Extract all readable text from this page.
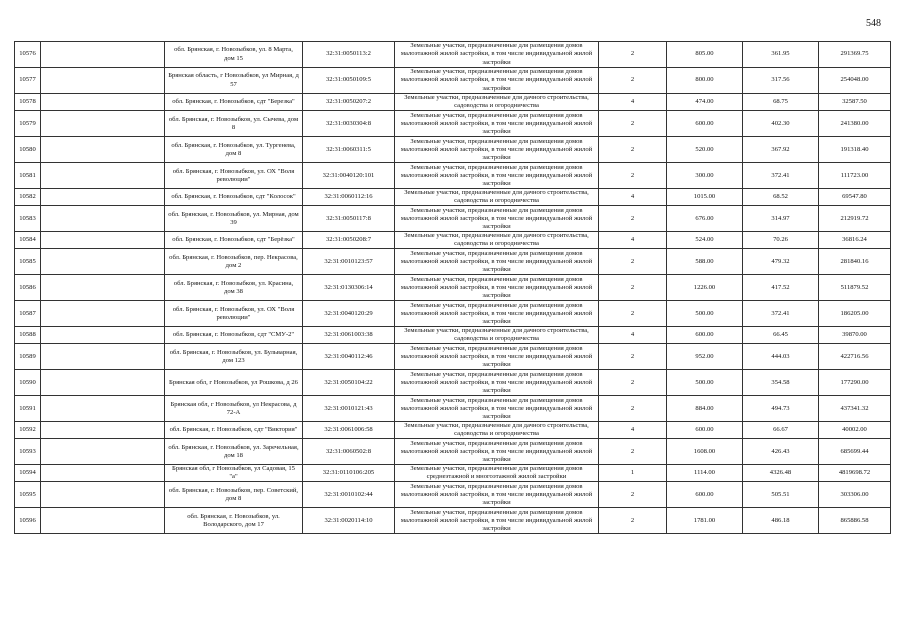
548
10576		обл. Брянская, г. Новозыбков, ул. 8 Марта, дом 15	32:31:0050113:2	Земельные участки, предназначенные для размещения домов малоэтажной жилой застройки, в том числе индивидуальной жилой застройки	2	805.00	361.95	291369.75
10577		Брянская область, г Новозыбков, ул Мирная, д 57	32:31:0050109:5	Земельные участки, предназначенные для размещения домов малоэтажной жилой застройки, в том числе индивидуальной жилой застройки	2	800.00	317.56	254048.00
10578		обл. Брянская, г. Новозыбков, сдт "Березка"	32:31:0050207:2	Земельные участки, предназначенные для дачного строительства, садоводства и огородничества	4	474.00	68.75	32587.50
10579		обл. Брянская, г. Новозыбков, ул. Сычева, дом 8	32:31:0030304:8	Земельные участки, предназначенные для размещения домов малоэтажной жилой застройки, в том числе индивидуальной жилой застройки	2	600.00	402.30	241380.00
10580		обл. Брянская, г. Новозыбков, ул. Тургенева, дом 8	32:31:0060311:5	Земельные участки, предназначенные для размещения домов малоэтажной жилой застройки, в том числе индивидуальной жилой застройки	2	520.00	367.92	191318.40
10581		обл. Брянская, г. Новозыбков, ул. ОХ "Воля революции"	32:31:0040120:101	Земельные участки, предназначенные для размещения домов малоэтажной жилой застройки, в том числе индивидуальной жилой застройки	2	300.00	372.41	111723.00
10582		обл. Брянская, г. Новозыбков, сдт "Колосок"	32:31:0060112:16	Земельные участки, предназначенные для дачного строительства, садоводства и огородничества	4	1015.00	68.52	69547.80
10583		обл. Брянская, г. Новозыбков, ул. Мирная, дом 39	32:31:0050117:8	Земельные участки, предназначенные для размещения домов малоэтажной жилой застройки, в том числе индивидуальной жилой застройки	2	676.00	314.97	212919.72
10584		обл. Брянская, г. Новозыбков, сдт "Берёзка"	32:31:0050208:7	Земельные участки, предназначенные для дачного строительства, садоводства и огородничества	4	524.00	70.26	36816.24
10585		обл. Брянская, г. Новозыбков, пер. Некрасова, дом 2	32:31:0010123:57	Земельные участки, предназначенные для размещения домов малоэтажной жилой застройки, в том числе индивидуальной жилой застройки	2	588.00	479.32	281840.16
10586		обл. Брянская, г. Новозыбков, ул. Красина, дом 38	32:31:0130306:14	Земельные участки, предназначенные для размещения домов малоэтажной жилой застройки, в том числе индивидуальной жилой застройки	2	1226.00	417.52	511879.52
10587		обл. Брянская, г. Новозыбков, ул. ОХ "Воля революции"	32:31:0040120:29	Земельные участки, предназначенные для размещения домов малоэтажной жилой застройки, в том числе индивидуальной жилой застройки	2	500.00	372.41	186205.00
10588		обл. Брянская, г. Новозыбков, сдт "СМУ-2"	32:31:0061003:38	Земельные участки, предназначенные для дачного строительства, садоводства и огородничества	4	600.00	66.45	39870.00
10589		обл. Брянская, г. Новозыбков, ул. Бульварная, дом 123	32:31:0040112:46	Земельные участки, предназначенные для размещения домов малоэтажной жилой застройки, в том числе индивидуальной жилой застройки	2	952.00	444.03	422716.56
10590		Брянская обл, г Новозыбков, ул Рошкова, д 26	32:31:0050104:22	Земельные участки, предназначенные для размещения домов малоэтажной жилой застройки, в том числе индивидуальной жилой застройки	2	500.00	354.58	177290.00
10591		Брянская обл, г Новозыбков, ул Некрасова, д 72-А	32:31:0010121:43	Земельные участки, предназначенные для размещения домов малоэтажной жилой застройки, в том числе индивидуальной жилой застройки	2	884.00	494.73	437341.32
10592		обл. Брянская, г. Новозыбков, сдт "Виктория"	32:31:0061006:58	Земельные участки, предназначенные для дачного строительства, садоводства и огородничества	4	600.00	66.67	40002.00
10593		обл. Брянская, г. Новозыбков, ул. Заречельная, дом 18	32:31:0060502:8	Земельные участки, предназначенные для размещения домов малоэтажной жилой застройки, в том числе индивидуальной жилой застройки	2	1608.00	426.43	685699.44
10594		Брянская обл, г Новозыбков, ул Садовая, 15 "а"	32:31:0110106:205	Земельные участки, предназначенные для размещения домов среднеэтажной и многоэтажной жилой застройки	1	1114.00	4326.48	4819698.72
10595		обл. Брянская, г. Новозыбков, пер. Советский, дом 8	32:31:0010102:44	Земельные участки, предназначенные для размещения домов малоэтажной жилой застройки, в том числе индивидуальной жилой застройки	2	600.00	505.51	303306.00
10596		обл. Брянская, г. Новозыбков, ул. Володарского, дом 17	32:31:0020114:10	Земельные участки, предназначенные для размещения домов малоэтажной жилой застройки, в том числе индивидуальной жилой застройки	2	1781.00	486.18	865886.58
